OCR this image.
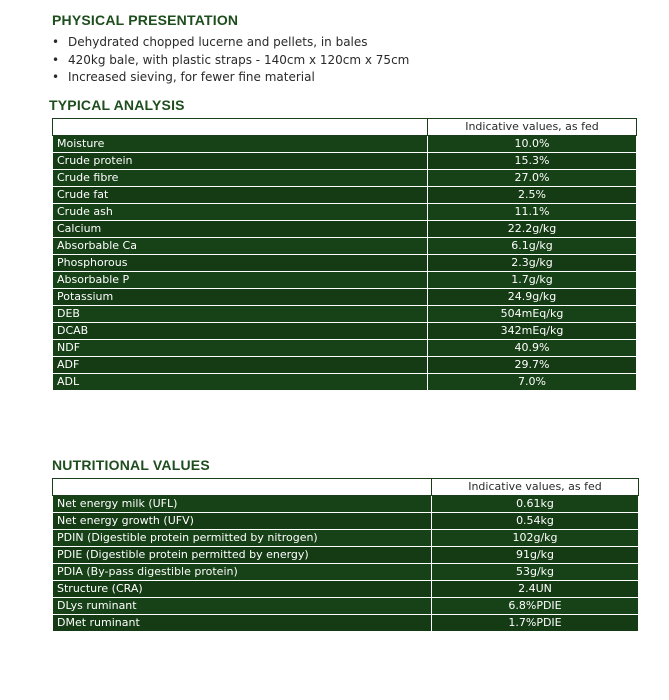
PHYSICAL PRESENTATION
• Dehydrated chopped lucerne and pellets, in bales
• 420kg bale, with plastic straps - 140cm x 120cm x 75cm
• Increased sieving, for fewer fine material
TYPICAL ANALYSIS
	Indicative values, as fed
Moisture	10.0%
Crude protein	15.3%
Crude fibre	27.0%
Crude fat	2.5%
Crude ash	11.1%
Calcium	22.2g/kg
Absorbable Ca	6.1g/kg
Phosphorous	2.3g/kg
Absorbable P	1.7g/kg
Potassium	24.9g/kg
DEB	504mEq/kg
DCAB	342mEq/kg
NDF	40.9%
ADF	29.7%
ADL	7.0%
NUTRITIONAL VALUES
	Indicative values, as fed
Net energy milk (UFL)	0.61kg
Net energy growth (UFV)	0.54kg
PDIN (Digestible protein permitted by nitrogen)	102g/kg
PDIE (Digestible protein permitted by energy)	91g/kg
PDIA (By-pass digestible protein)	53g/kg
Structure (CRA)	2.4UN
DLys ruminant	6.8%PDIE
DMet ruminant	1.7%PDIE
